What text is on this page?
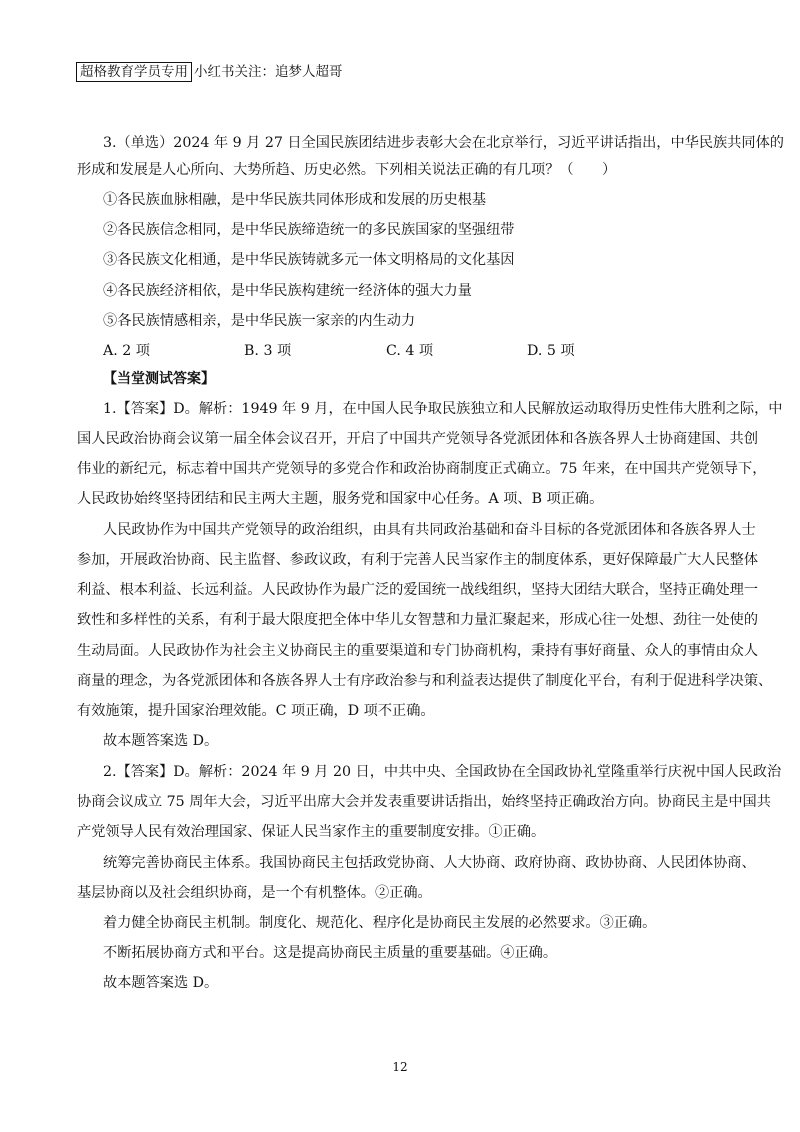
超格教育学员专用 小红书关注：追梦人超哥
3.（单选）2024 年 9 月 27 日全国民族团结进步表彰大会在北京举行，习近平讲话指出，中华民族共同体的
形成和发展是人心所向、大势所趋、历史必然。下列相关说法正确的有几项？（　　）
①各民族血脉相融，是中华民族共同体形成和发展的历史根基
②各民族信念相同，是中华民族缔造统一的多民族国家的坚强纽带
③各民族文化相通，是中华民族铸就多元一体文明格局的文化基因
④各民族经济相依，是中华民族构建统一经济体的强大力量
⑤各民族情感相亲，是中华民族一家亲的内生动力
A. 2 项	B. 3 项	C. 4 项	D. 5 项
【当堂测试答案】
1.【答案】D。解析：1949 年 9 月，在中国人民争取民族独立和人民解放运动取得历史性伟大胜利之际，中
国人民政治协商会议第一届全体会议召开，开启了中国共产党领导各党派团体和各族各界人士协商建国、共创
伟业的新纪元，标志着中国共产党领导的多党合作和政治协商制度正式确立。75 年来，在中国共产党领导下，
人民政协始终坚持团结和民主两大主题，服务党和国家中心任务。A 项、B 项正确。
人民政协作为中国共产党领导的政治组织，由具有共同政治基础和奋斗目标的各党派团体和各族各界人士
参加，开展政治协商、民主监督、参政议政，有利于完善人民当家作主的制度体系，更好保障最广大人民整体
利益、根本利益、长远利益。人民政协作为最广泛的爱国统一战线组织，坚持大团结大联合，坚持正确处理一
致性和多样性的关系，有利于最大限度把全体中华儿女智慧和力量汇聚起来，形成心往一处想、劲往一处使的
生动局面。人民政协作为社会主义协商民主的重要渠道和专门协商机构，秉持有事好商量、众人的事情由众人
商量的理念，为各党派团体和各族各界人士有序政治参与和利益表达提供了制度化平台，有利于促进科学决策、
有效施策，提升国家治理效能。C 项正确，D 项不正确。
故本题答案选 D。
2.【答案】D。解析：2024 年 9 月 20 日，中共中央、全国政协在全国政协礼堂隆重举行庆祝中国人民政治
协商会议成立 75 周年大会，习近平出席大会并发表重要讲话指出，始终坚持正确政治方向。协商民主是中国共
产党领导人民有效治理国家、保证人民当家作主的重要制度安排。①正确。
统筹完善协商民主体系。我国协商民主包括政党协商、人大协商、政府协商、政协协商、人民团体协商、
基层协商以及社会组织协商，是一个有机整体。②正确。
着力健全协商民主机制。制度化、规范化、程序化是协商民主发展的必然要求。③正确。
不断拓展协商方式和平台。这是提高协商民主质量的重要基础。④正确。
故本题答案选 D。
12
